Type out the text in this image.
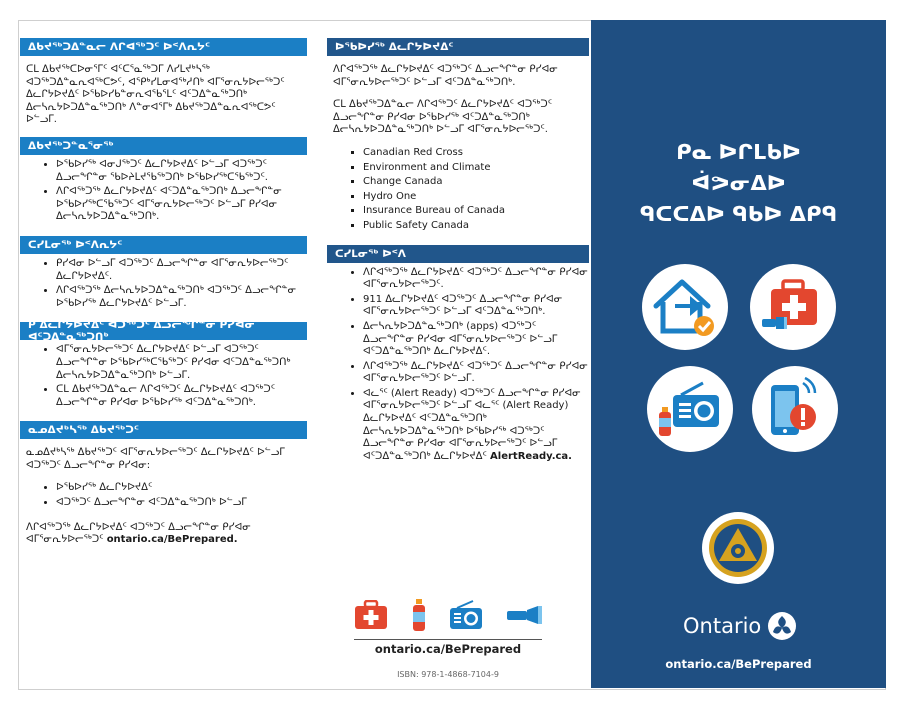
ᐃᑲᔪᖅᑐᐃᓐᓇᓕ ᐱᒋᐊᖅᑐᑦ ᐅᑉᐱᕆᔭᑦ
ᑕᒪ ᐃᑲᔪᖅᑕᐅᓂᕐᒥᑦ ᐊᑦᑕᕐᓇᖅᑐᒥ ᐱᓯᒪᔪᒃᓴᖅ ᐊᑐᖅᑐᐃᓐᓇᕆᐊᖅᑕᕗᑦ, ᐊᕿᒃᓯᒪᓂᐊᖅᓱᑎᒃ ᐊᒥᕐᓂᕆᔭᐅᓕᖅᑐᑦ ᐃᓚᒋᔭᐅᔪᐃᑦ ᐅᖃᐅᓯᑲᓐᓂᕆᐊᖃᕐᒪᑦ ᐊᑦᑐᐃᓐᓇᖅᑐᑎᒃ ᐃᓕᓴᕆᔭᐅᑐᐃᓐᓇᖅᑐᑎᒃ ᐱᓐᓂᐊᕐᒥᒃ ᐃᑲᔪᖅᑐᐃᓐᓇᕆᐊᖅᑕᕗᑦ ᐅᓪᓗᒥ.
ᐃᑲᔪᖅᑐᓐᓇᕐᓂᖅ
• ᐅᖃᐅᓯᖅ ᐊᓂᒍᖅᑐᑦ ᐃᓚᒋᔭᐅᔪᐃᑦ ᐅᓪᓗᒥ ᐊᑐᖅᑐᑦ ᐃᓗᓕᖏᓐᓂ ᖃᐅᔨᒪᔪᖃᖅᑐᑎᒃ ᐅᖃᐅᓯᖅᑕᖃᖅᑐᑦ.
• ᐱᒋᐊᖅᑐᖅ ᐃᓚᒋᔭᐅᔪᐃᑦ ᐊᑦᑐᐃᓐᓇᖅᑐᑎᒃ ᐃᓗᓕᖏᓐᓂ ᐅᖃᐅᓯᖅᑕᖃᖅᑐᑦ ᐊᒥᕐᓂᕆᔭᐅᓕᖅᑐᑦ ᐅᓪᓗᒥ ᑭᓯᐊᓂ ᐃᓕᓴᕆᔭᐅᑐᐃᓐᓇᖅᑐᑎᒃ.
ᑕᓯᒪᓂᖅ ᐅᑉᐱᕆᔭᑦ
• ᑭᓯᐊᓂ ᐅᓪᓗᒥ ᐊᑐᖅᑐᑦ ᐃᓗᓕᖏᓐᓂ ᐊᒥᕐᓂᕆᔭᐅᓕᖅᑐᑦ ᐃᓚᒋᔭᐅᔪᐃᑦ.
• ᐱᒋᐊᖅᑐᖅ ᐃᓕᓴᕆᔭᐅᑐᐃᓐᓇᖅᑐᑎᒃ ᐊᑐᖅᑐᑦ ᐃᓗᓕᖏᓐᓂ ᐅᖃᐅᓯᖅ ᐃᓚᒋᔭᐅᔪᐃᑦ ᐅᓪᓗᒥ.
ᑭ ᐃᓚᒋᔭᐅᔪᐃᑦ ᐊᑐᖅᑐᑦ ᐃᓗᓕᖏᓐᓂ ᑭᓯᐊᓂ ᐊᑦᑐᐃᓐᓇᖅᑐᑎᒃ
• ᐊᒥᕐᓂᕆᔭᐅᓕᖅᑐᑦ ᐃᓚᒋᔭᐅᔪᐃᑦ ᐅᓪᓗᒥ ᐊᑐᖅᑐᑦ ᐃᓗᓕᖏᓐᓂ ᐅᖃᐅᓯᖅᑕᖃᖅᑐᑦ ᑭᓯᐊᓂ ᐊᑦᑐᐃᓐᓇᖅᑐᑎᒃ ᐃᓕᓴᕆᔭᐅᑐᐃᓐᓇᖅᑐᑎᒃ ᐅᓪᓗᒥ.
• ᑕᒪ ᐃᑲᔪᖅᑐᐃᓐᓇᓕ ᐱᒋᐊᖅᑐᑦ ᐃᓚᒋᔭᐅᔪᐃᑦ ᐊᑐᖅᑐᑦ ᐃᓗᓕᖏᓐᓂ ᑭᓯᐊᓂ ᐅᖃᐅᓯᖅ ᐊᑦᑐᐃᓐᓇᖅᑐᑎᒃ.
ᓇᓄᐃᔪᒃᓴᖅ ᐃᑲᔪᖅᑐᑦ
ᓇᓄᐃᔪᒃᓴᖅ ᐃᑲᔪᖅᑐᑦ ᐊᒥᕐᓂᕆᔭᐅᓕᖅᑐᑦ ᐃᓚᒋᔭᐅᔪᐃᑦ ᐅᓪᓗᒥ ᐊᑐᖅᑐᑦ ᐃᓗᓕᖏᓐᓂ ᑭᓯᐊᓂ:
• ᐅᖃᐅᓯᖅ ᐃᓚᒋᔭᐅᔪᐃᑦ
• ᐊᑐᖅᑐᑦ ᐃᓗᓕᖏᓐᓂ ᐊᑦᑐᐃᓐᓇᖅᑐᑎᒃ ᐅᓪᓗᒥ
ᐱᒋᐊᖅᑐᖅ ᐃᓚᒋᔭᐅᔪᐃᑦ ᐊᑐᖅᑐᑦ ᐃᓗᓕᖏᓐᓂ ᑭᓯᐊᓂ ᐊᒥᕐᓂᕆᔭᐅᓕᖅᑐᑦ ontario.ca/BePrepared.
ᐅᖃᐅᓯᖅ ᐃᓚᒋᔭᐅᔪᐃᑦ
ᐱᒋᐊᖅᑐᖅ ᐃᓚᒋᔭᐅᔪᐃᑦ ᐊᑐᖅᑐᑦ ᐃᓗᓕᖏᓐᓂ ᑭᓯᐊᓂ ᐊᒥᕐᓂᕆᔭᐅᓕᖅᑐᑦ ᐅᓪᓗᒥ ᐊᑦᑐᐃᓐᓇᖅᑐᑎᒃ.
ᑕᒪ ᐃᑲᔪᖅᑐᐃᓐᓇᓕ ᐱᒋᐊᖅᑐᑦ ᐃᓚᒋᔭᐅᔪᐃᑦ ᐊᑐᖅᑐᑦ ᐃᓗᓕᖏᓐᓂ ᑭᓯᐊᓂ ᐅᖃᐅᓯᖅ ᐊᑦᑐᐃᓐᓇᖅᑐᑎᒃ ᐃᓕᓴᕆᔭᐅᑐᐃᓐᓇᖅᑐᑎᒃ ᐅᓪᓗᒥ ᐊᒥᕐᓂᕆᔭᐅᓕᖅᑐᑦ.
▪ Canadian Red Cross
▪ Environment and Climate
▪ Change Canada
▪ Hydro One
▪ Insurance Bureau of Canada
▪ Public Safety Canada
ᑕᓯᒪᓂᖅ ᐅᑉᐱ
• ᐱᒋᐊᖅᑐᖅ ᐃᓚᒋᔭᐅᔪᐃᑦ ᐊᑐᖅᑐᑦ ᐃᓗᓕᖏᓐᓂ ᑭᓯᐊᓂ ᐊᒥᕐᓂᕆᔭᐅᓕᖅᑐᑦ.
• 911 ᐃᓚᒋᔭᐅᔪᐃᑦ ᐊᑐᖅᑐᑦ ᐃᓗᓕᖏᓐᓂ ᑭᓯᐊᓂ ᐊᒥᕐᓂᕆᔭᐅᓕᖅᑐᑦ ᐅᓪᓗᒥ ᐊᑦᑐᐃᓐᓇᖅᑐᑎᒃ.
• ᐃᓕᓴᕆᔭᐅᑐᐃᓐᓇᖅᑐᑎᒃ (apps) ᐊᑐᖅᑐᑦ ᐃᓗᓕᖏᓐᓂ ᑭᓯᐊᓂ ᐊᒥᕐᓂᕆᔭᐅᓕᖅᑐᑦ ᐅᓪᓗᒥ ᐊᑦᑐᐃᓐᓇᖅᑐᑎᒃ ᐃᓚᒋᔭᐅᔪᐃᑦ.
• ᐱᒋᐊᖅᑐᖅ ᐃᓚᒋᔭᐅᔪᐃᑦ ᐊᑐᖅᑐᑦ ᐃᓗᓕᖏᓐᓂ ᑭᓯᐊᓂ ᐊᒥᕐᓂᕆᔭᐅᓕᖅᑐᑦ ᐅᓪᓗᒥ.
• ᐊᓚᕐᑦ (Alert Ready) ᐊᑐᖅᑐᑦ ᐃᓗᓕᖏᓐᓂ ᑭᓯᐊᓂ ᐊᒥᕐᓂᕆᔭᐅᓕᖅᑐᑦ ᐅᓪᓗᒥ ᐊᓚᕐᑦ (Alert Ready) ᐃᓚᒋᔭᐅᔪᐃᑦ ᐊᑦᑐᐃᓐᓇᖅᑐᑎᒃ ᐃᓕᓴᕆᔭᐅᑐᐃᓐᓇᖅᑐᑎᒃ ᐅᖃᐅᓯᖅ ᐊᑐᖅᑐᑦ ᐃᓗᓕᖏᓐᓂ ᑭᓯᐊᓂ ᐊᒥᕐᓂᕆᔭᐅᓕᖅᑐᑦ ᐅᓪᓗᒥ ᐊᑦᑐᐃᓐᓇᖅᑐᑎᒃ ᐃᓚᒋᔭᐅᔪᐃᑦ AlertReady.ca.
ontario.ca/BePrepared
ISBN: 978-1-4868-7104-9
ᑭᓇ ᐅᒋᒪᑲᐅ
ᐋᕗᓂᐃᐅ
ᑫᑕᑕᐃᐅ ᑫᑲᐅ ᐃᑭᑫ
Ontario
ontario.ca/BePrepared
